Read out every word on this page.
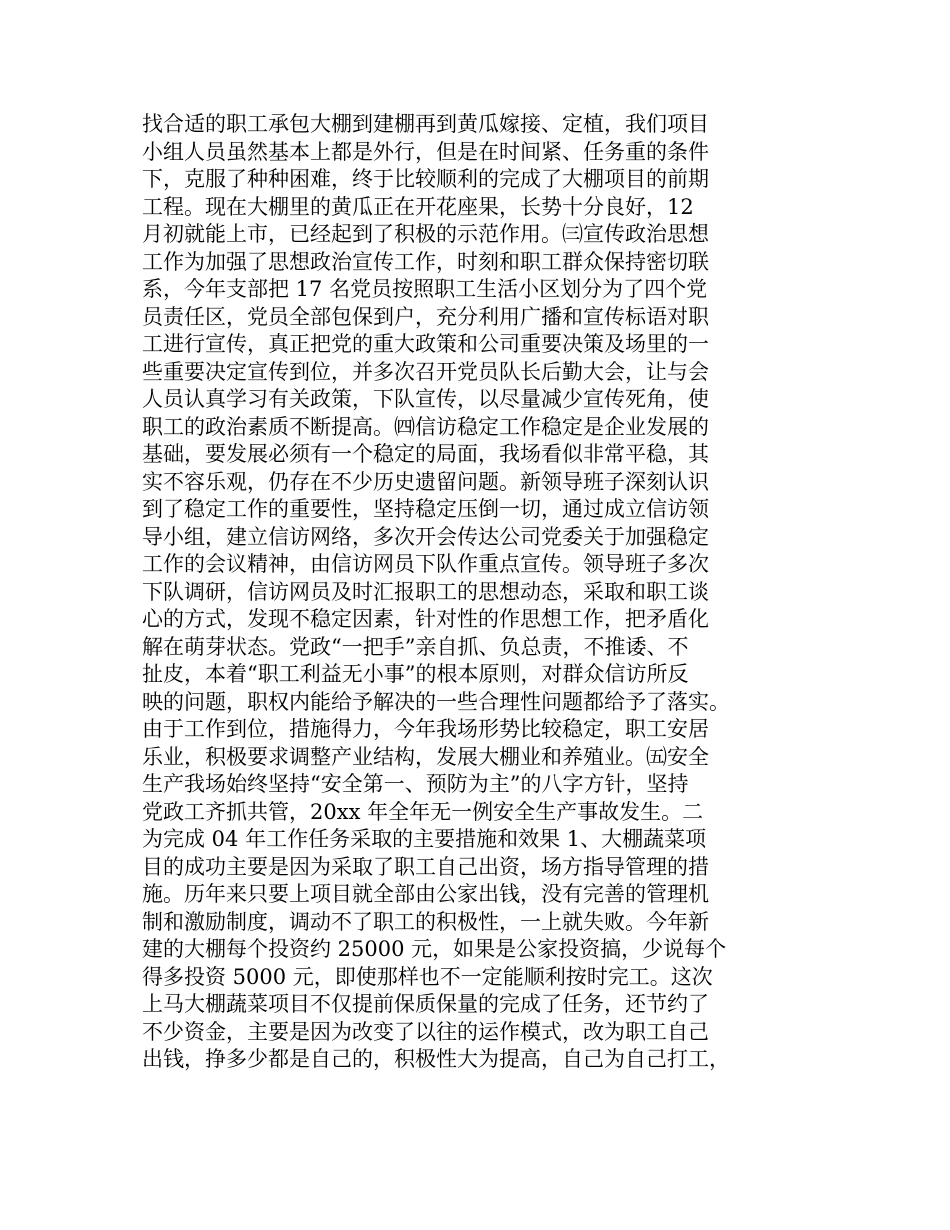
找合适的职工承包大棚到建棚再到黄瓜嫁接、定植，我们项目
小组人员虽然基本上都是外行，但是在时间紧、任务重的条件
下，克服了种种困难，终于比较顺利的完成了大棚项目的前期
工程。现在大棚里的黄瓜正在开花座果，长势十分良好，12
月初就能上市，已经起到了积极的示范作用。㈢宣传政治思想
工作为加强了思想政治宣传工作，时刻和职工群众保持密切联
系，今年支部把 17 名党员按照职工生活小区划分为了四个党
员责任区，党员全部包保到户，充分利用广播和宣传标语对职
工进行宣传，真正把党的重大政策和公司重要决策及场里的一
些重要决定宣传到位，并多次召开党员队长后勤大会，让与会
人员认真学习有关政策，下队宣传，以尽量减少宣传死角，使
职工的政治素质不断提高。㈣信访稳定工作稳定是企业发展的
基础，要发展必须有一个稳定的局面，我场看似非常平稳，其
实不容乐观，仍存在不少历史遗留问题。新领导班子深刻认识
到了稳定工作的重要性，坚持稳定压倒一切，通过成立信访领
导小组，建立信访网络，多次开会传达公司党委关于加强稳定
工作的会议精神，由信访网员下队作重点宣传。领导班子多次
下队调研，信访网员及时汇报职工的思想动态，采取和职工谈
心的方式，发现不稳定因素，针对性的作思想工作，把矛盾化
解在萌芽状态。党政“一把手”亲自抓、负总责，不推诿、不
扯皮，本着“职工利益无小事”的根本原则，对群众信访所反
映的问题，职权内能给予解决的一些合理性问题都给予了落实。
由于工作到位，措施得力，今年我场形势比较稳定，职工安居
乐业，积极要求调整产业结构，发展大棚业和养殖业。㈤安全
生产我场始终坚持“安全第一、预防为主”的八字方针，坚持
党政工齐抓共管，20xx 年全年无一例安全生产事故发生。二
为完成 04 年工作任务采取的主要措施和效果 1、大棚蔬菜项
目的成功主要是因为采取了职工自己出资，场方指导管理的措
施。历年来只要上项目就全部由公家出钱，没有完善的管理机
制和激励制度，调动不了职工的积极性，一上就失败。今年新
建的大棚每个投资约 25000 元，如果是公家投资搞，少说每个
得多投资 5000 元，即使那样也不一定能顺利按时完工。这次
上马大棚蔬菜项目不仅提前保质保量的完成了任务，还节约了
不少资金，主要是因为改变了以往的运作模式，改为职工自己
出钱，挣多少都是自己的，积极性大为提高，自己为自己打工，
